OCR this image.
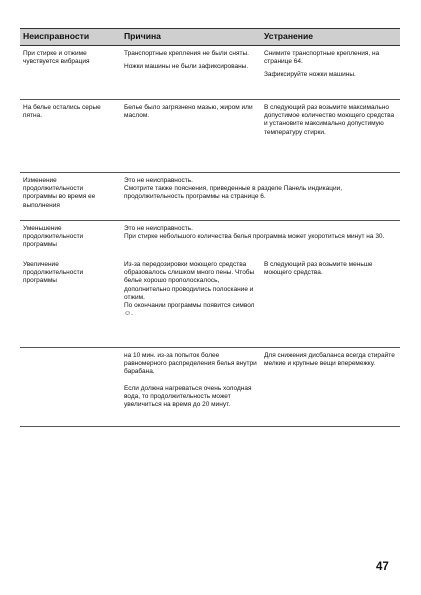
Неисправности	Причина	Устранение
При стирке и отжиме чувствуется вибрация

Транспортные крепления не были сняты.

Ножки машины не были зафиксированы.

Снимите транспортные крепления, на странице 64.

Зафиксируйте ножки машины.

На белье остались серые пятна.
Белье было загрязнено мазью, жиром или маслом.
В следующий раз возьмите максимально допустимое количество моющего средства и установите максимально допустимую температуру стирки.
Изменение продолжительности программы во время ее выполнения

Это не неисправность.

Смотрите также пояснения, приведенные в разделе Панель индикации, продолжительность программы на странице 6.

Уменьшение продолжительности программы

Это не неисправность.

При стирке небольшого количества белья программа может укоротиться минут на 30.

Увеличение продолжительности программы

Из-за передозировки моющего средства образовалось слишком много пены. Чтобы белье хорошо прополоскалось, дополнительно проводились полоскание и отжим.

По окончании программы появится символ ☺.

В следующий раз возьмите меньше моющего средства.

на 10 мин. из-за попыток более равномерного распределения белья внутри барабана.

Если должна нагреваться очень холодная вода, то продолжительность может увеличиться на время до 20 минут.

Для снижения дисбаланса всегда стирайте мелкие и крупные вещи вперемежку.
47
